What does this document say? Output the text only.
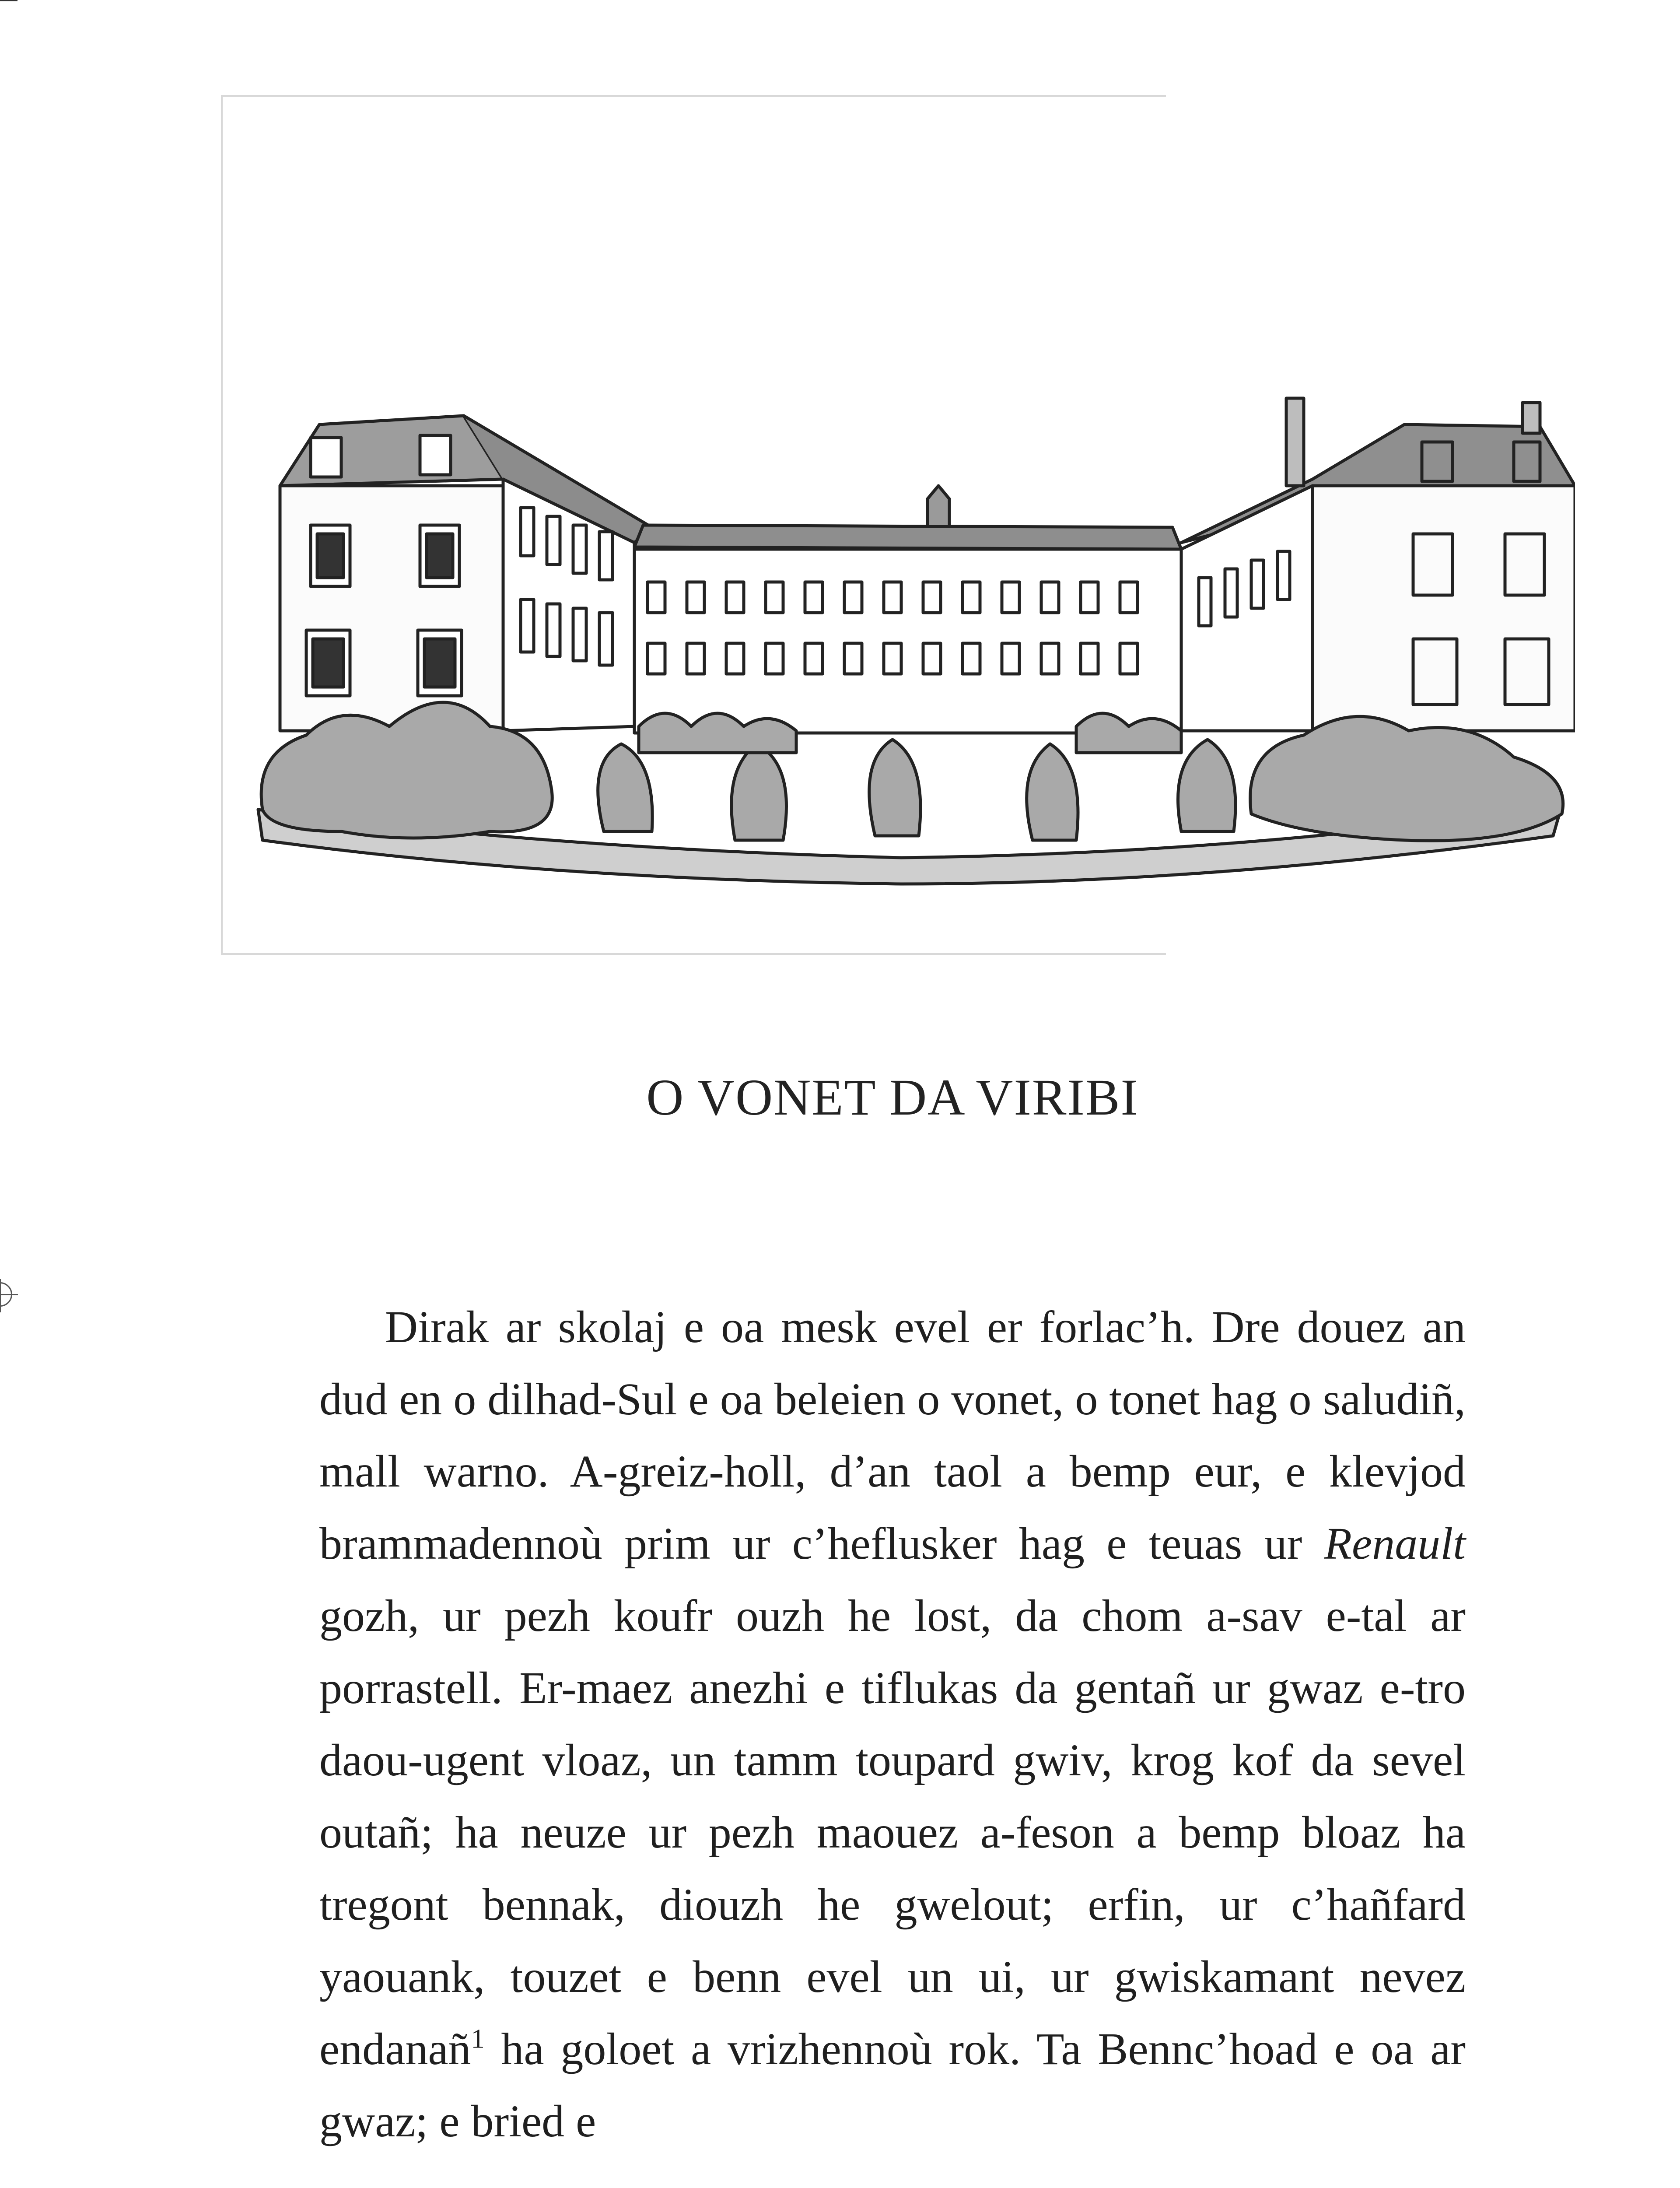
O VONET DA VIRIBI

Dirak ar skolaj e oa mesk evel er forlac’h. Dre douez an dud en o dilhad-Sul e oa beleien o vonet, o tonet hag o saludiñ, mall warno. A-greiz-holl, d’an taol a bemp eur, e klevjod brammadennoù prim ur c’heflusker hag e teuas ur Renault gozh, ur pezh koufr ouzh he lost, da chom a-sav e-tal ar porrastell. Er-maez anezhi e tiflukas da gentañ ur gwaz e-tro daou-ugent vloaz, un tamm toupard gwiv, krog kof da sevel outañ; ha neuze ur pezh maouez a-feson a bemp bloaz ha tregont bennak, diouzh he gwelout; erfin, ur c’hañfard yaouank, touzet e benn evel un ui, ur gwiskamant nevez endanañ$^1$ ha goloet a vrizhennoù rok. Ta Bennc’hoad e oa ar gwaz; e bried e
